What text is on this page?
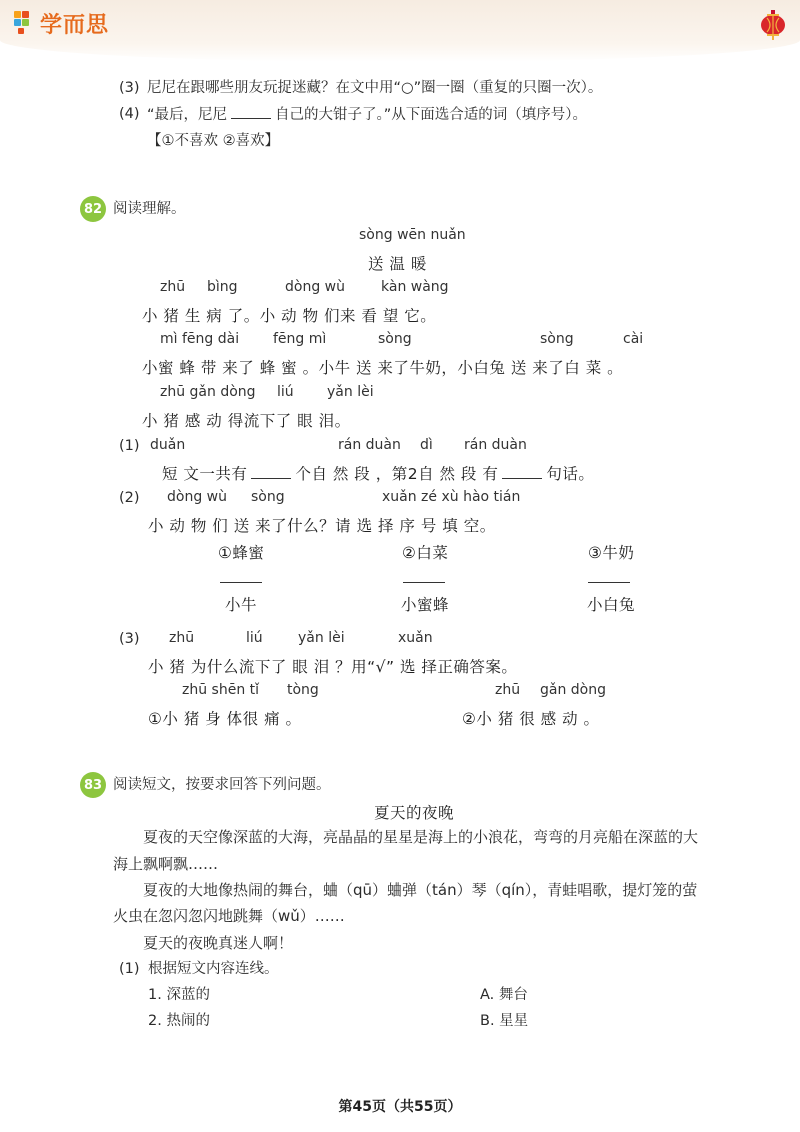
学而思
(3) 尼尼在跟哪些朋友玩捉迷藏？在文中用“○”圈一圈（重复的只圈一次）。
(4) “最后，尼尼	自己的大钳子了。”从下面选合适的词（填序号）。
【①不喜欢 ②喜欢】
82 阅读理解。
sòng wēn nuǎn
送 温 暖
zhū bìng	dòng wù	kàn wàng
小 猪 生 病 了。小 动 物 们来 看 望 它。
mì fēng dài fēng mì	sòng	sòng	cài
小蜜 蜂 带 来了 蜂 蜜 。小牛 送 来了牛奶，小白兔 送 来了白 菜 。
zhū gǎn dòng liú yǎn lèi
小 猪 感 动 得流下了 眼 泪。
(1) duǎn	rán duàn dì rán duàn
短 文一共有	个自 然 段 ，第2自 然 段 有	句话。
(2) dòng wù sòng	xuǎn zé xù hào tián
小 动 物 们 送 来了什么？请 选 择 序 号 填 空。
①蜂蜜	②白菜	③牛奶
小牛	小蜜蜂	小白兔
(3) zhū	liú	yǎn lèi	xuǎn
小 猪 为什么流下了 眼 泪 ？用“√” 选 择正确答案。
zhū shēn tǐ tòng	zhū gǎn dòng
①小 猪 身 体很 痛 。	②小 猪 很 感 动 。
83 阅读短文，按要求回答下列问题。
夏天的夜晚
夏夜的天空像深蓝的大海，亮晶晶的星星是海上的小浪花，弯弯的月亮船在深蓝的大
海上飘啊飘……
夏夜的大地像热闹的舞台，蛐（qū）蛐弹（tán）琴（qín），青蛙唱歌，提灯笼的萤
火虫在忽闪忽闪地跳舞（wǔ）……
夏天的夜晚真迷人啊！
(1) 根据短文内容连线。
1. 深蓝的	A. 舞台
2. 热闹的	B. 星星
第45页（共55页）
